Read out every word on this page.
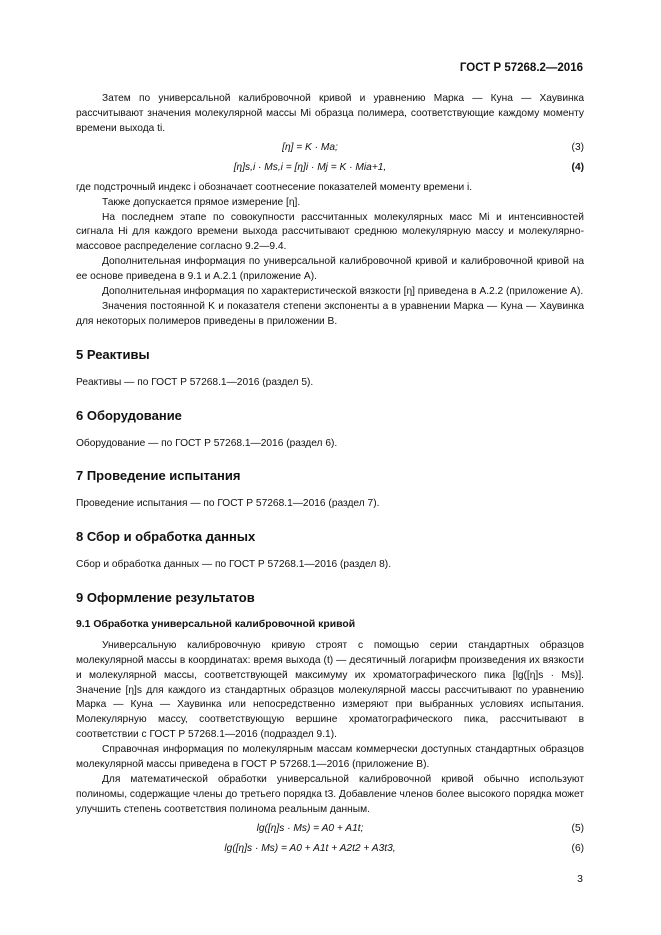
ГОСТ Р 57268.2—2016

Затем по универсальной калибровочной кривой и уравнению Марка — Куна — Хаувинка рассчитывают значения молекулярной массы Mi образца полимера, соответствующие каждому моменту времени выхода ti.

[η] = K · Ma;	(3)
[η]s,i · Ms,i = [η]i · Mj = K · Mia+1,	(4)

где подстрочный индекс i обозначает соотнесение показателей моменту времени i.

Также допускается прямое измерение [η].

На последнем этапе по совокупности рассчитанных молекулярных масс Mi и интенсивностей сигнала Hi для каждого времени выхода рассчитывают среднюю молекулярную массу и молекулярно-массовое распределение согласно 9.2—9.4.

Дополнительная информация по универсальной калибровочной кривой и калибровочной кривой на ее основе приведена в 9.1 и А.2.1 (приложение А).

Дополнительная информация по характеристической вязкости [η] приведена в А.2.2 (приложение А).

Значения постоянной K и показателя степени экспоненты a в уравнении Марка — Куна — Хаувинка для некоторых полимеров приведены в приложении В.

5 Реактивы

Реактивы — по ГОСТ Р 57268.1—2016 (раздел 5).

6 Оборудование

Оборудование — по ГОСТ Р 57268.1—2016 (раздел 6).

7 Проведение испытания

Проведение испытания — по ГОСТ Р 57268.1—2016 (раздел 7).

8 Сбор и обработка данных

Сбор и обработка данных — по ГОСТ Р 57268.1—2016 (раздел 8).

9 Оформление результатов
9.1 Обработка универсальной калибровочной кривой

Универсальную калибровочную кривую строят с помощью серии стандартных образцов молекулярной массы в координатах: время выхода (t) — десятичный логарифм произведения их вязкости и молекулярной массы, соответствующей максимуму их хроматографического пика [lg([η]s · Ms)]. Значение [η]s для каждого из стандартных образцов молекулярной массы рассчитывают по уравнению Марка — Куна — Хаувинка или непосредственно измеряют при выбранных условиях испытания. Молекулярную массу, соответствующую вершине хроматографического пика, рассчитывают в соответствии с ГОСТ Р 57268.1—2016 (подраздел 9.1).

Справочная информация по молекулярным массам коммерчески доступных стандартных образцов молекулярной массы приведена в ГОСТ Р 57268.1—2016 (приложение В).

Для математической обработки универсальной калибровочной кривой обычно используют полиномы, содержащие члены до третьего порядка t3. Добавление членов более высокого порядка может улучшить степень соответствия полинома реальным данным.

lg([η]s · Ms) = A0 + A1t;	(5)
lg([η]s · Ms) = A0 + A1t + A2t2 + A3t3,	(6)
3
